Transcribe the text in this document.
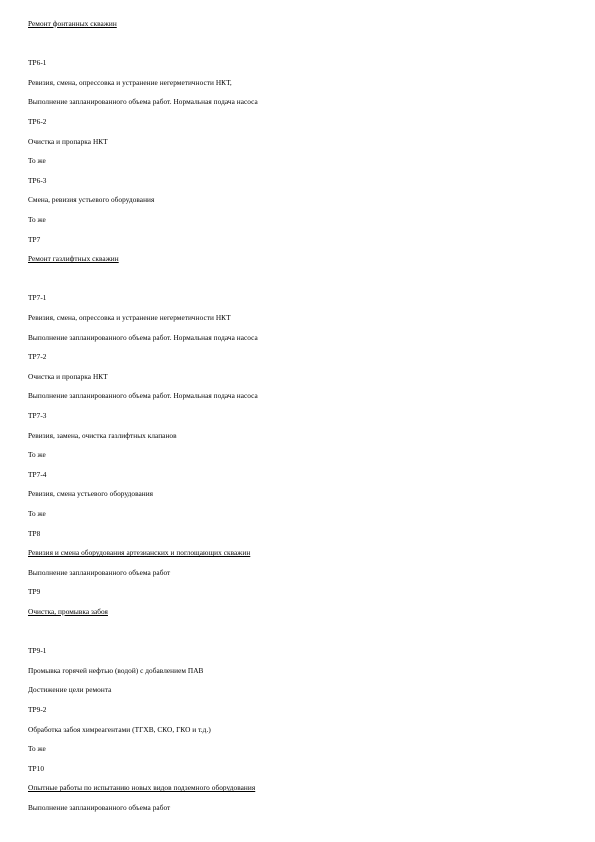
Ремонт фонтанных скважин
ТР6-1
Ревизия, смена, опрессовка и устранение негерметичности НКТ,
Выполнение запланированного объема работ. Нормальная подача насоса
ТР6-2
Очистка и пропарка НКТ
То же
ТР6-3
Смена, ревизия устьевого оборудования
То же
ТР7
Ремонт газлифтных скважин
ТР7-1
Ревизия, смена, опрессовка и устранение негерметичности НКТ
Выполнение запланированного объема работ. Нормальная подача насоса
ТР7-2
Очистка и пропарка НКТ
Выполнение запланированного объема работ. Нормальная подача насоса
ТР7-3
Ревизия, замена, очистка газлифтных клапанов
То же
ТР7-4
Ревизия, смена устьевого оборудования
То же
ТР8
Ревизия и смена оборудования артезианских и поглощающих скважин
Выполнение запланированного объема работ
ТР9
Очистка, промывка забоя
ТР9-1
Промывка горячей нефтью (водой) с добавлением ПАВ
Достижение цели ремонта
ТР9-2
Обработка забоя химреагентами (ТГХВ, СКО, ГКО и т.д.)
То же
ТР10
Опытные работы по испытанию новых видов подземного оборудования
Выполнение запланированного объема работ
